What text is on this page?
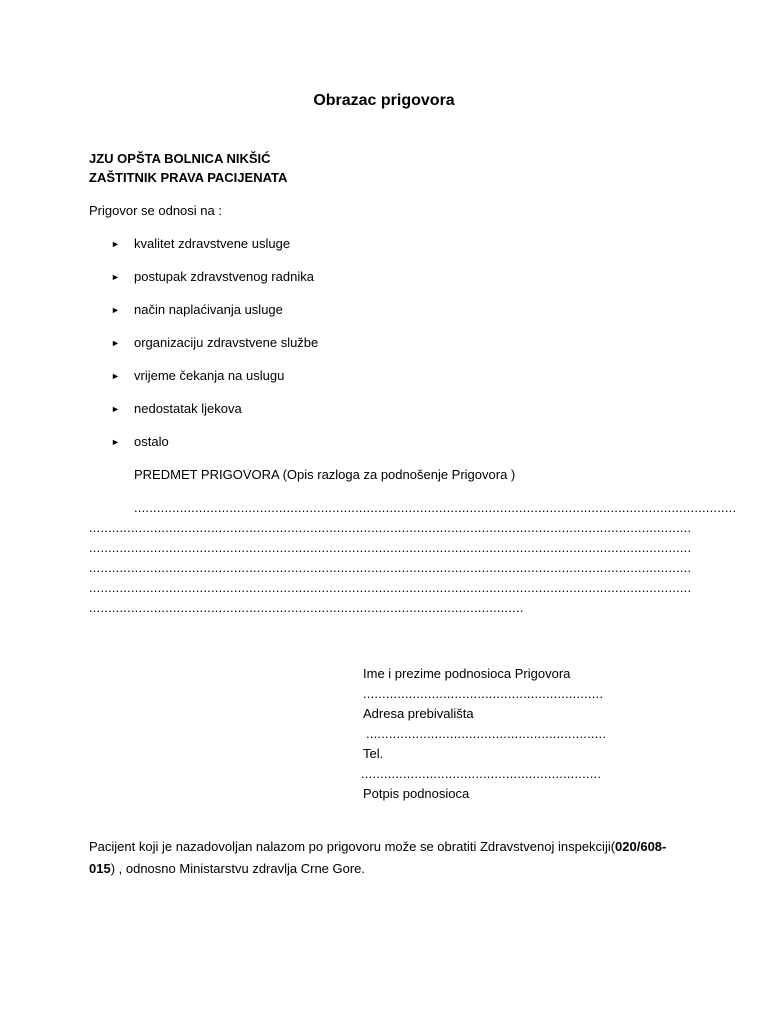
Obrazac prigovora
JZU OPŠTA BOLNICA NIKŠIĆ
ZAŠTITNIK PRAVA PACIJENATA
Prigovor se odnosi na :
► kvalitet zdravstvene usluge
► postupak zdravstvenog radnika
► način naplaćivanja usluge
► organizaciju zdravstvene službe
► vrijeme čekanja na uslugu
► nedostatak ljekova
► ostalo
PREDMET PRIGOVORA (Opis razloga za podnošenje Prigovora )
..............................................................................................................................................................
..............................................................................................................................................................
..............................................................................................................................................................
..............................................................................................................................................................
..............................................................................................................................................................
..................................................................................................................
Ime i prezime podnosioca Prigovora
...............................................................
Adresa prebivališta
...............................................................
Tel.
...............................................................
Potpis podnosioca
Pacijent koji je nazadovoljan nalazom po prigovoru može se obratiti Zdravstvenoj inspekciji(020/608-015) , odnosno Ministarstvu zdravlja Crne Gore.
